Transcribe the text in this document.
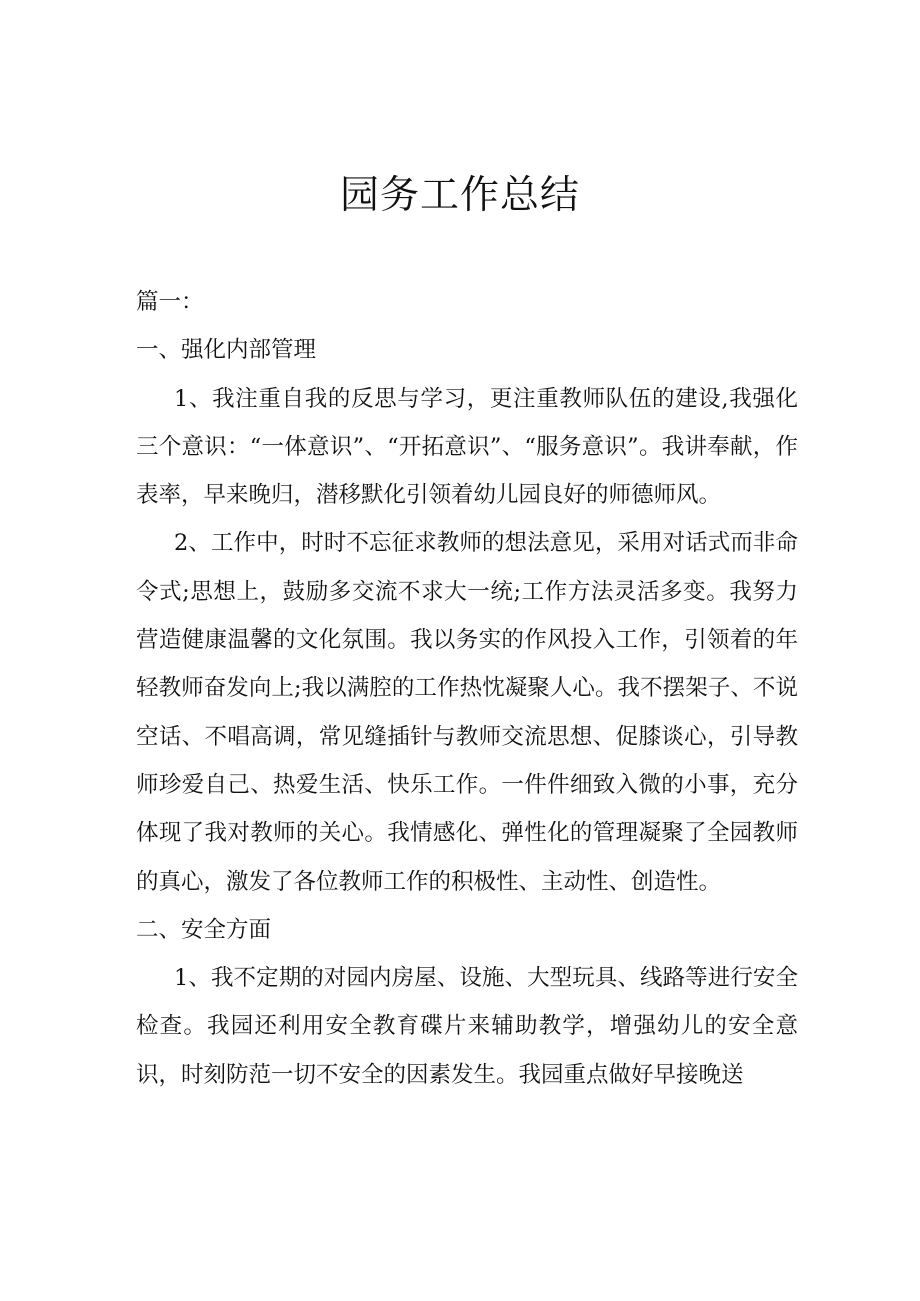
园务工作总结

篇一：

一、强化内部管理

1、我注重自我的反思与学习，更注重教师队伍的建设,我强化三个意识：“一体意识”、“开拓意识”、“服务意识”。我讲奉献，作表率，早来晚归，潜移默化引领着幼儿园良好的师德师风。

2、工作中，时时不忘征求教师的想法意见，采用对话式而非命令式;思想上，鼓励多交流不求大一统;工作方法灵活多变。我努力营造健康温馨的文化氛围。我以务实的作风投入工作，引领着的年轻教师奋发向上;我以满腔的工作热忱凝聚人心。我不摆架子、不说空话、不唱高调，常见缝插针与教师交流思想、促膝谈心，引导教师珍爱自己、热爱生活、快乐工作。一件件细致入微的小事，充分体现了我对教师的关心。我情感化、弹性化的管理凝聚了全园教师的真心，激发了各位教师工作的积极性、主动性、创造性。

二、安全方面

1、我不定期的对园内房屋、设施、大型玩具、线路等进行安全检查。我园还利用安全教育碟片来辅助教学，增强幼儿的安全意识，时刻防范一切不安全的因素发生。我园重点做好早接晚送
